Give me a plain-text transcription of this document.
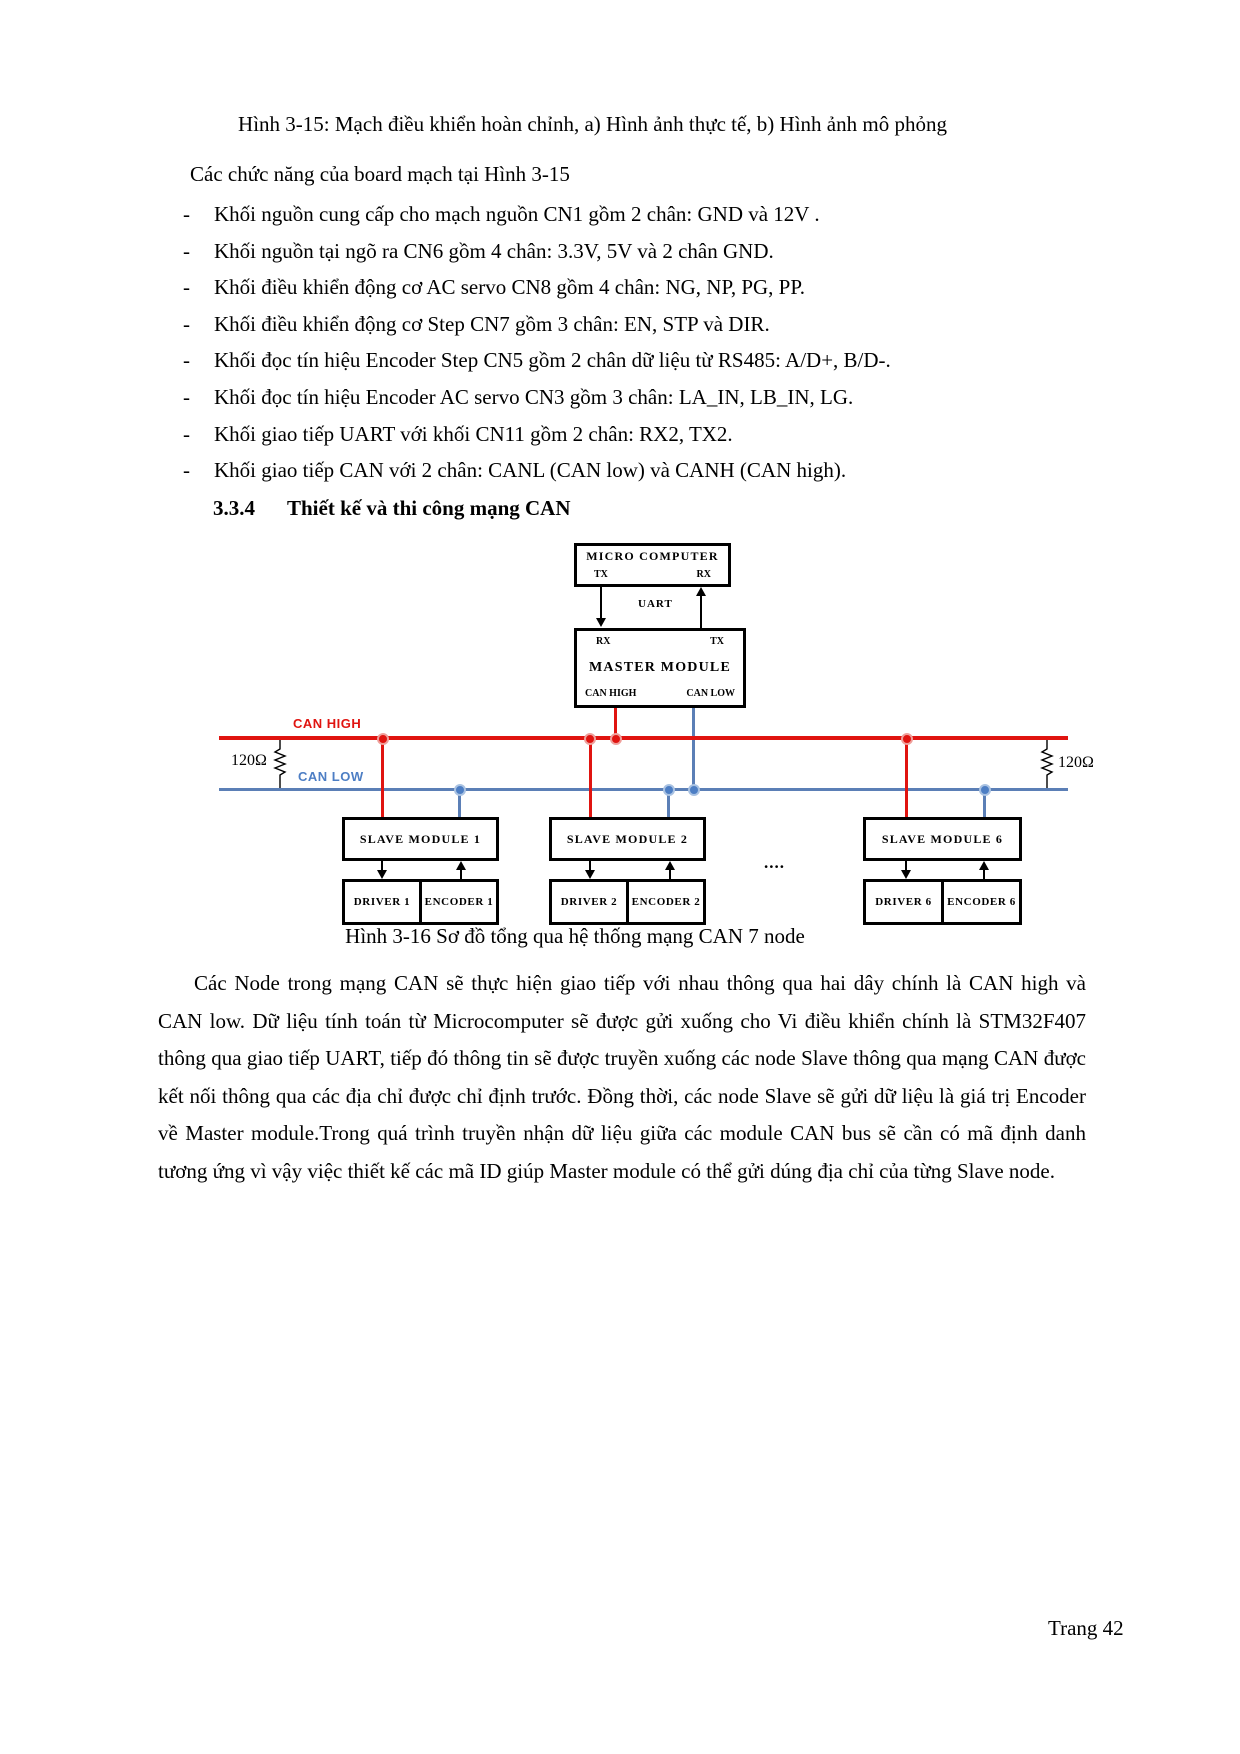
Hình 3-15: Mạch điều khiển hoàn chỉnh, a) Hình ảnh thực tế, b) Hình ảnh mô phỏng
Các chức năng của board mạch tại Hình 3-15
-	Khối nguồn cung cấp cho mạch nguồn CN1 gồm 2 chân: GND và 12V .
-	Khối nguồn tại ngõ ra CN6 gồm 4 chân: 3.3V, 5V và 2 chân GND.
-	Khối điều khiển động cơ AC servo CN8 gồm 4 chân: NG, NP, PG, PP.
-	Khối điều khiển động cơ Step CN7 gồm 3 chân: EN, STP và DIR.
-	Khối đọc tín hiệu Encoder Step CN5 gồm 2 chân dữ liệu từ RS485: A/D+, B/D-.
-	Khối đọc tín hiệu Encoder AC servo CN3 gồm 3 chân: LA_IN, LB_IN, LG.
-	Khối giao tiếp UART với khối CN11 gồm 2 chân: RX2, TX2.
-	Khối giao tiếp CAN với 2 chân: CANL (CAN low) và CANH (CAN high).
3.3.4 Thiết kế và thi công mạng CAN
120Ω	120Ω
CAN HIGH
CAN LOW
MICRO COMPUTER
TX	RX
UART
RX	TX
MASTER MODULE
CAN HIGH	CAN LOW
SLAVE MODULE 1
DRIVER 1	ENCODER 1
SLAVE MODULE 2
DRIVER 2	ENCODER 2
....
SLAVE MODULE 6
DRIVER 6	ENCODER 6
Hình 3-16 Sơ đồ tổng qua hệ thống mạng CAN 7 node
Các Node trong mạng CAN sẽ thực hiện giao tiếp với nhau thông qua hai dây chính là CAN high và CAN low. Dữ liệu tính toán từ Microcomputer sẽ được gửi xuống cho Vi điều khiển chính là STM32F407 thông qua giao tiếp UART, tiếp đó thông tin sẽ được truyền xuống các node Slave thông qua mạng CAN được kết nối thông qua các địa chỉ được chỉ định trước. Đồng thời, các node Slave sẽ gửi dữ liệu là giá trị Encoder về Master module.Trong quá trình truyền nhận dữ liệu giữa các module CAN bus sẽ cần có mã định danh tương ứng vì vậy việc thiết kế các mã ID giúp Master module có thể gửi dúng địa chỉ của từng Slave node.
Trang 42
